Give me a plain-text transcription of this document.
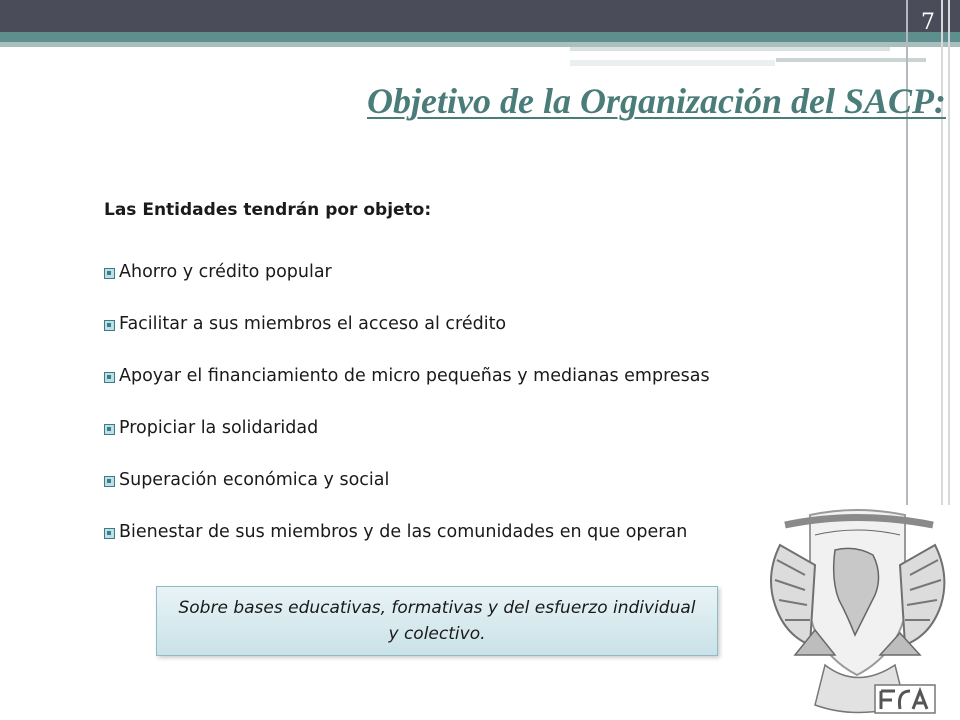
7
Objetivo de la Organización del SACP:
Las Entidades tendrán por objeto:
Ahorro y crédito popular
Facilitar a sus miembros el acceso al crédito
Apoyar el financiamiento de micro pequeñas y medianas empresas
Propiciar la solidaridad
Superación económica y social
Bienestar de sus miembros y de las comunidades en que operan
Sobre bases educativas, formativas y del esfuerzo individual y colectivo.
